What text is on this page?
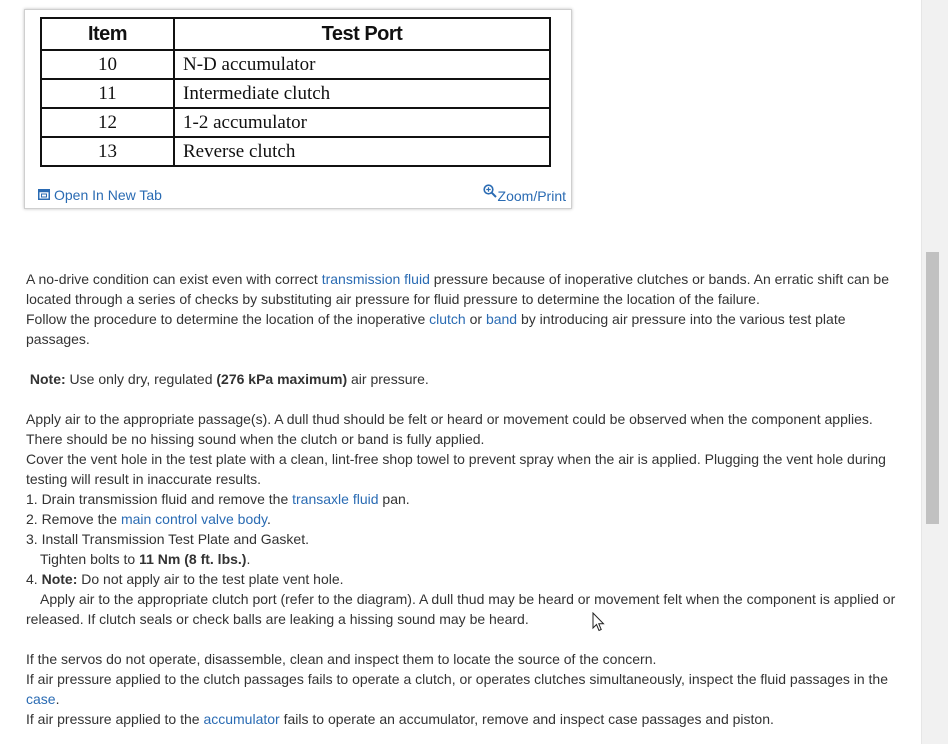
Item	Test Port
10	N-D accumulator
11	Intermediate clutch
12	1-2 accumulator
13	Reverse clutch
Open In New Tab	Zoom/Print

A no-drive condition can exist even with correct transmission fluid pressure because of inoperative clutches or bands. An erratic shift can be located through a series of checks by substituting air pressure for fluid pressure to determine the location of the failure.

Follow the procedure to determine the location of the inoperative clutch or band by introducing air pressure into the various test plate passages.

Note: Use only dry, regulated (276 kPa maximum) air pressure.

Apply air to the appropriate passage(s). A dull thud should be felt or heard or movement could be observed when the component applies. There should be no hissing sound when the clutch or band is fully applied.

Cover the vent hole in the test plate with a clean, lint-free shop towel to prevent spray when the air is applied. Plugging the vent hole during testing will result in inaccurate results.

1. Drain transmission fluid and remove the transaxle fluid pan.

2. Remove the main control valve body.

3. Install Transmission Test Plate and Gasket.

Tighten bolts to 11 Nm (8 ft. lbs.).

4. Note: Do not apply air to the test plate vent hole.

Apply air to the appropriate clutch port (refer to the diagram). A dull thud may be heard or movement felt when the component is applied or released. If clutch seals or check balls are leaking a hissing sound may be heard.

If the servos do not operate, disassemble, clean and inspect them to locate the source of the concern.

If air pressure applied to the clutch passages fails to operate a clutch, or operates clutches simultaneously, inspect the fluid passages in the case.

If air pressure applied to the accumulator fails to operate an accumulator, remove and inspect case passages and piston.
